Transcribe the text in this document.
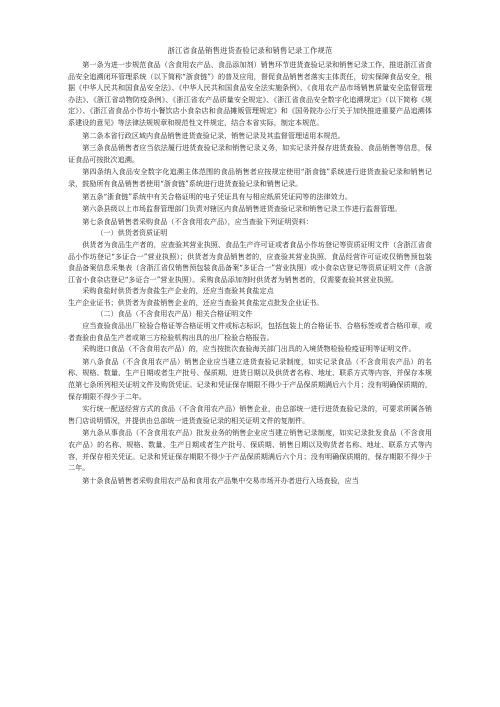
浙江省食品销售进货查验记录和销售记录工作规范

第一条为进一步规范食品（含食用农产品、食品添加剂）销售环节进货查验记录和销售记录工作，推进浙江省食品安全追溯闭环管理系统（以下简称“浙食链”）的普及应用，督促食品销售者落实主体责任，切实保障食品安全，根据《中华人民共和国食品安全法》、《中华人民共和国食品安全法实施条例》、《食用农产品市场销售质量安全监督管理办法》、《浙江省动物防疫条例》、《浙江省农产品质量安全规定》、《浙江省食品安全数字化追溯规定》（以下简称《规定》）、《浙江省食品小作坊小餐饮店小食杂店和食品摊贩管理规定》和《国务院办公厅关于加快推进重要产品追溯体系建设的意见》等法律法规规章和规范性文件规定，结合本省实际，制定本规范。

第二条本省行政区域内食品销售进货查验记录、销售记录及其监督管理适用本规范。

第三条食品销售者应当依法履行进货查验记录和销售记录义务，如实记录并保存进货查验、食品销售等信息，保证食品可按批次追溯。

第四条纳入食品安全数字化追溯主体范围的食品销售者应按规定使用“浙食链”系统进行进货查验记录和销售记录，鼓励所有食品销售者使用“浙食链”系统进行进货查验记录和销售记录。

第五条“浙食链”系统中有关合格证明的电子凭证具有与相应纸质凭证同等的法律效力。

第六条县级以上市场监督管理部门负责对辖区内食品销售进货查验记录和销售记录工作进行监督管理。

第七条食品销售者采购食品（不含食用农产品），应当查验下列证明资料：

（一）供货者资质证明

供货者为食品生产者的，应查验其营业执照、食品生产许可证或者食品小作坊登记等资质证明文件（含浙江省食品小作坊登记“多证合一”营业执照）；供货者为食品销售者的，应查验其营业执照、食品经营许可证或仅销售预包装食品备案信息采集表（含浙江省仅销售预包装食品备案“多证合一”营业执照）或小食杂店登记等资质证明文件（含浙江省小食杂店登记“多证合一”营业执照）。采购食品添加剂时供货者为销售者的，仅需要查验其营业执照。

采购食盐时供货者为食盐生产企业的，还应当查验其食盐定点

生产企业证书；供货者为食盐销售企业的，还应当查验其食盐定点批发企业证书。

（二）食品（不含食用农产品）相关合格证明文件

应当查验食品出厂检验合格证等合格证明文件或标志标识，包括包装上的合格证书、合格标签或者合格印章，或者查验由食品生产者或第三方检验机构出具的出厂检验合格报告。

采购进口食品（不含食用农产品）的，应当按批次查验海关部门出具的入境货物检验检疫证明等证明文件。

第八条食品（不含食用农产品）销售企业应当建立进货查验记录制度，如实记录食品（不含食用农产品）的名称、规格、数量、生产日期或者生产批号、保质期、进货日期以及供货者名称、地址、联系方式等内容，并保存本规范第七条所列相关证明文件及购货凭证。记录和凭证保存期限不得少于产品保质期满后六个月；没有明确保质期的，保存期限不得少于二年。

实行统一配送经营方式的食品（不含食用农产品）销售企业，由总部统一进行进货查验记录的，可要求所属各销售门店说明情况，并提供由总部统一进货查验记录的相关证明文件的复制件。

第九条从事食品（不含食用农产品）批发业务的销售企业应当建立销售记录制度，如实记录批发食品（不含食用农产品）的名称、规格、数量、生产日期或者生产批号、保质期、销售日期以及购货者名称、地址、联系方式等内容，并保存相关凭证。记录和凭证保存期限不得少于产品保质期满后六个月；没有明确保质期的，保存期限不得少于二年。

第十条食品销售者采购食用农产品和食用农产品集中交易市场开办者进行入场查验，应当
